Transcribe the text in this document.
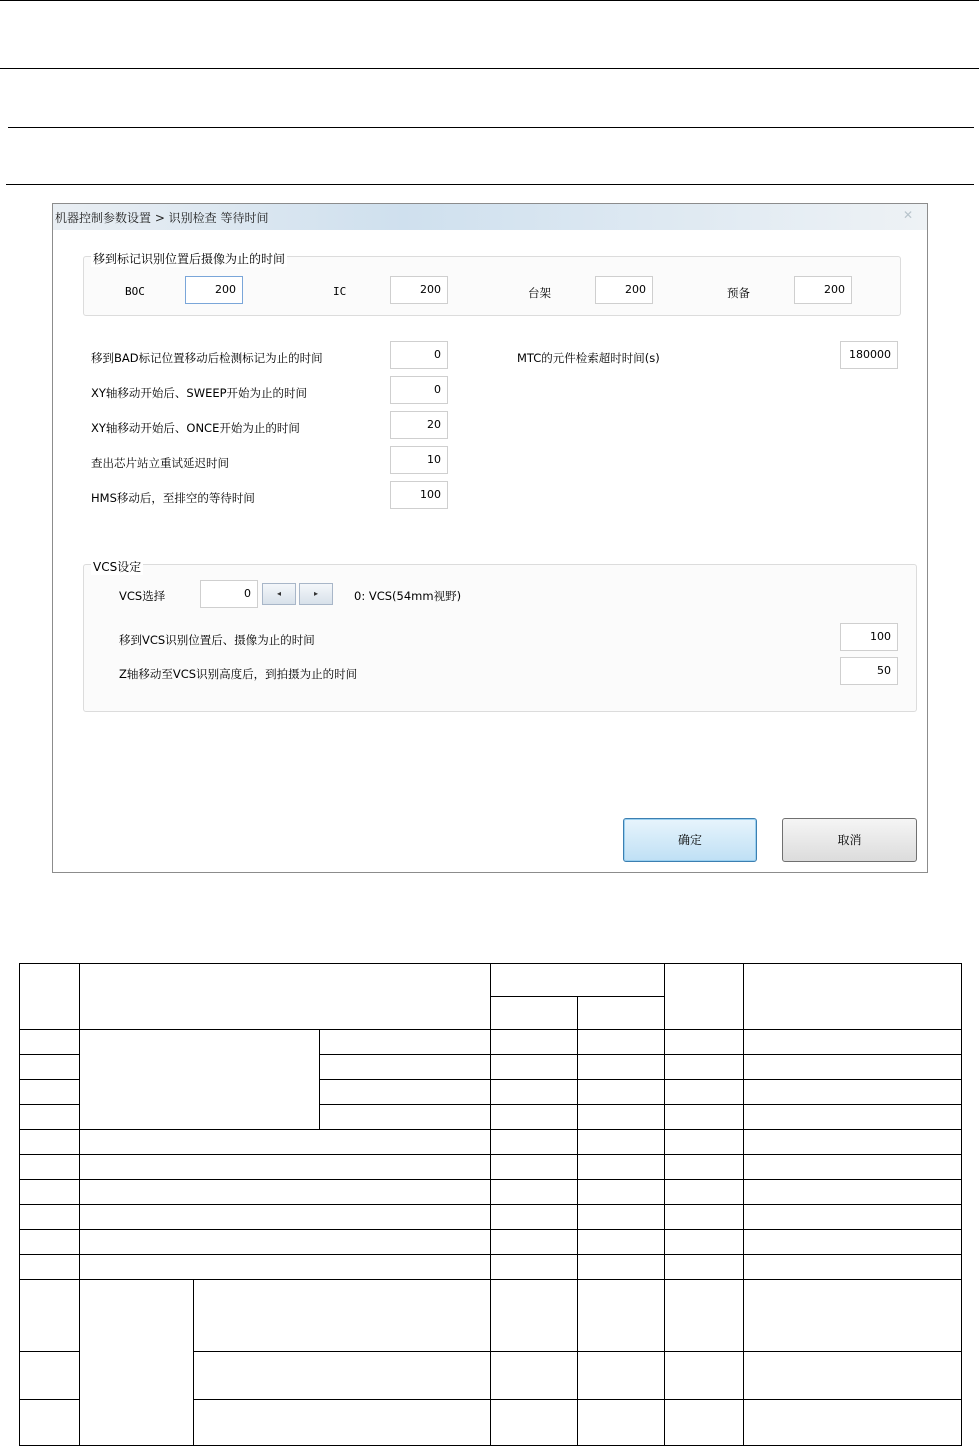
机器控制参数设置 > 识别检查 等待时间	✕
移到标记识别位置后摄像为止的时间
BOC	200	IC	200	台架	200	预备	200
移到BAD标记位置移动后检测标记为止的时间	0	MTC的元件检索超时时间(s)	180000
XY轴移动开始后、SWEEP开始为止的时间	0
XY轴移动开始后、ONCE开始为止的时间	20
查出芯片站立重试延迟时间	10
HMS移动后，至排空的等待时间	100
VCS设定
VCS选择	0	◂	▸	0: VCS(54mm视野)
移到VCS识别位置后、摄像为止的时间	100
Z轴移动至VCS识别高度后，到拍摄为止的时间	50
确定	取消
